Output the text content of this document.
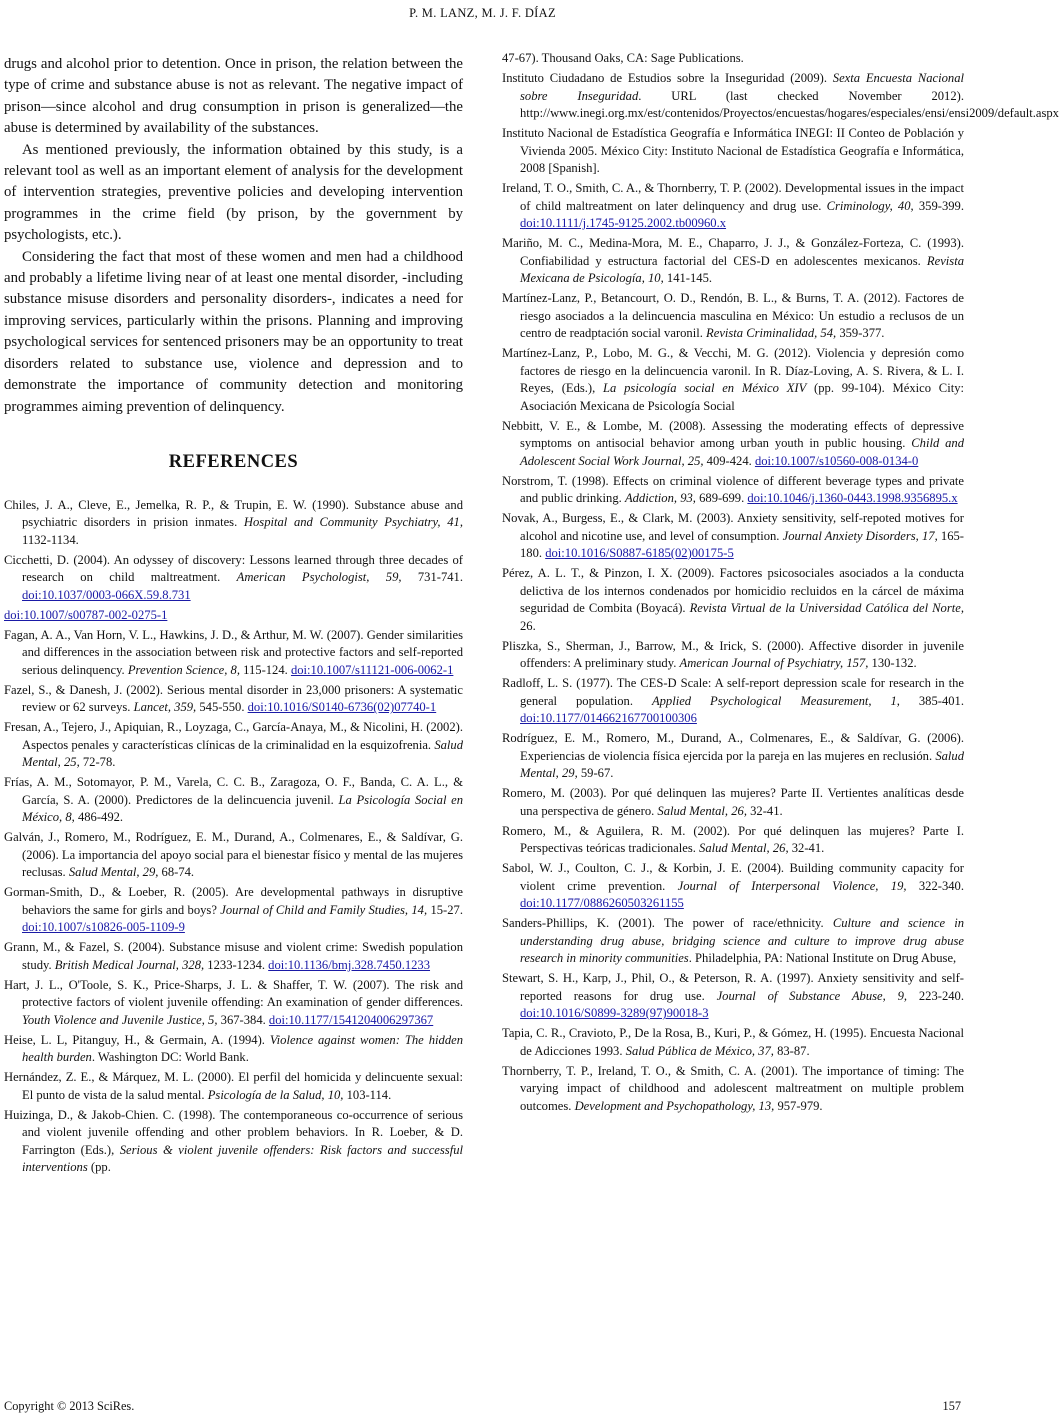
P. M. LANZ, M. J. F. DÍAZ

drugs and alcohol prior to detention. Once in prison, the relation between the type of crime and substance abuse is not as relevant. The negative impact of prison—since alcohol and drug consumption in prison is generalized—the abuse is determined by availability of the substances.

As mentioned previously, the information obtained by this study, is a relevant tool as well as an important element of analysis for the development of intervention strategies, preventive policies and developing intervention programmes in the crime field (by prison, by the government by psychologists, etc.).

Considering the fact that most of these women and men had a childhood and probably a lifetime living near of at least one mental disorder, -including substance misuse disorders and personality disorders-, indicates a need for improving services, particularly within the prisons. Planning and improving psychological services for sentenced prisoners may be an opportunity to treat disorders related to substance use, violence and depression and to demonstrate the importance of community detection and monitoring programmes aiming prevention of delinquency.

REFERENCES

Chiles, J. A., Cleve, E., Jemelka, R. P., & Trupin, E. W. (1990). Substance abuse and psychiatric disorders in prision inmates. Hospital and Community Psychiatry, 41, 1132-1134.

Cicchetti, D. (2004). An odyssey of discovery: Lessons learned through three decades of research on child maltreatment. American Psychologist, 59, 731-741. doi:10.1037/0003-066X.59.8.731

doi:10.1007/s00787-002-0275-1

Fagan, A. A., Van Horn, V. L., Hawkins, J. D., & Arthur, M. W. (2007). Gender similarities and differences in the association between risk and protective factors and self-reported serious delinquency. Prevention Science, 8, 115-124. doi:10.1007/s11121-006-0062-1

Fazel, S., & Danesh, J. (2002). Serious mental disorder in 23,000 prisoners: A systematic review or 62 surveys. Lancet, 359, 545-550. doi:10.1016/S0140-6736(02)07740-1

Fresan, A., Tejero, J., Apiquian, R., Loyzaga, C., García-Anaya, M., & Nicolini, H. (2002). Aspectos penales y características clínicas de la criminalidad en la esquizofrenia. Salud Mental, 25, 72-78.

Frías, A. M., Sotomayor, P. M., Varela, C. C. B., Zaragoza, O. F., Banda, C. A. L., & García, S. A. (2000). Predictores de la delincuencia juvenil. La Psicología Social en México, 8, 486-492.

Galván, J., Romero, M., Rodríguez, E. M., Durand, A., Colmenares, E., & Saldívar, G. (2006). La importancia del apoyo social para el bienestar físico y mental de las mujeres reclusas. Salud Mental, 29, 68-74.

Gorman-Smith, D., & Loeber, R. (2005). Are developmental pathways in disruptive behaviors the same for girls and boys? Journal of Child and Family Studies, 14, 15-27. doi:10.1007/s10826-005-1109-9

Grann, M., & Fazel, S. (2004). Substance misuse and violent crime: Swedish population study. British Medical Journal, 328, 1233-1234. doi:10.1136/bmj.328.7450.1233

Hart, J. L., O'Toole, S. K., Price-Sharps, J. L. & Shaffer, T. W. (2007). The risk and protective factors of violent juvenile offending: An examination of gender differences. Youth Violence and Juvenile Justice, 5, 367-384. doi:10.1177/1541204006297367

Heise, L. L, Pitanguy, H., & Germain, A. (1994). Violence against women: The hidden health burden. Washington DC: World Bank.

Hernández, Z. E., & Márquez, M. L. (2000). El perfil del homicida y delincuente sexual: El punto de vista de la salud mental. Psicología de la Salud, 10, 103-114.

Huizinga, D., & Jakob-Chien. C. (1998). The contemporaneous co-occurrence of serious and violent juvenile offending and other problem behaviors. In R. Loeber, & D. Farrington (Eds.), Serious & violent juvenile offenders: Risk factors and successful interventions (pp.

47-67). Thousand Oaks, CA: Sage Publications.

Instituto Ciudadano de Estudios sobre la Inseguridad (2009). Sexta Encuesta Nacional sobre Inseguridad. URL (last checked November 2012). http://www.inegi.org.mx/est/contenidos/Proyectos/encuestas/hogares/especiales/ensi/ensi2009/default.aspx

Instituto Nacional de Estadística Geografía e Informática INEGI: II Conteo de Población y Vivienda 2005. México City: Instituto Nacional de Estadística Geografía e Informática, 2008 [Spanish].

Ireland, T. O., Smith, C. A., & Thornberry, T. P. (2002). Developmental issues in the impact of child maltreatment on later delinquency and drug use. Criminology, 40, 359-399. doi:10.1111/j.1745-9125.2002.tb00960.x

Mariño, M. C., Medina-Mora, M. E., Chaparro, J. J., & González-Forteza, C. (1993). Confiabilidad y estructura factorial del CES-D en adolescentes mexicanos. Revista Mexicana de Psicología, 10, 141-145.

Martínez-Lanz, P., Betancourt, O. D., Rendón, B. L., & Burns, T. A. (2012). Factores de riesgo asociados a la delincuencia masculina en México: Un estudio a reclusos de un centro de readptación social varonil. Revista Criminalidad, 54, 359-377.

Martínez-Lanz, P., Lobo, M. G., & Vecchi, M. G. (2012). Violencia y depresión como factores de riesgo en la delincuencia varonil. In R. Díaz-Loving, A. S. Rivera, & L. I. Reyes, (Eds.), La psicología social en México XIV (pp. 99-104). México City: Asociación Mexicana de Psicología Social

Nebbitt, V. E., & Lombe, M. (2008). Assessing the moderating effects of depressive symptoms on antisocial behavior among urban youth in public housing. Child and Adolescent Social Work Journal, 25, 409-424. doi:10.1007/s10560-008-0134-0

Norstrom, T. (1998). Effects on criminal violence of different beverage types and private and public drinking. Addiction, 93, 689-699. doi:10.1046/j.1360-0443.1998.9356895.x

Novak, A., Burgess, E., & Clark, M. (2003). Anxiety sensitivity, self-repoted motives for alcohol and nicotine use, and level of consumption. Journal Anxiety Disorders, 17, 165-180. doi:10.1016/S0887-6185(02)00175-5

Pérez, A. L. T., & Pinzon, I. X. (2009). Factores psicosociales asociados a la conducta delictiva de los internos condenados por homicidio recluidos en la cárcel de máxima seguridad de Combita (Boyacá). Revista Virtual de la Universidad Católica del Norte, 26.

Pliszka, S., Sherman, J., Barrow, M., & Irick, S. (2000). Affective disorder in juvenile offenders: A preliminary study. American Journal of Psychiatry, 157, 130-132.

Radloff, L. S. (1977). The CES-D Scale: A self-report depression scale for research in the general population. Applied Psychological Measurement, 1, 385-401. doi:10.1177/014662167700100306

Rodríguez, E. M., Romero, M., Durand, A., Colmenares, E., & Saldívar, G. (2006). Experiencias de violencia física ejercida por la pareja en las mujeres en reclusión. Salud Mental, 29, 59-67.

Romero, M. (2003). Por qué delinquen las mujeres? Parte II. Vertientes analíticas desde una perspectiva de género. Salud Mental, 26, 32-41.

Romero, M., & Aguilera, R. M. (2002). Por qué delinquen las mujeres? Parte I. Perspectivas teóricas tradicionales. Salud Mental, 26, 32-41.

Sabol, W. J., Coulton, C. J., & Korbin, J. E. (2004). Building community capacity for violent crime prevention. Journal of Interpersonal Violence, 19, 322-340. doi:10.1177/0886260503261155

Sanders-Phillips, K. (2001). The power of race/ethnicity. Culture and science in understanding drug abuse, bridging science and culture to improve drug abuse research in minority communities. Philadelphia, PA: National Institute on Drug Abuse,

Stewart, S. H., Karp, J., Phil, O., & Peterson, R. A. (1997). Anxiety sensitivity and self-reported reasons for drug use. Journal of Substance Abuse, 9, 223-240. doi:10.1016/S0899-3289(97)90018-3

Tapia, C. R., Cravioto, P., De la Rosa, B., Kuri, P., & Gómez, H. (1995). Encuesta Nacional de Adicciones 1993. Salud Pública de México, 37, 83-87.

Thornberry, T. P., Ireland, T. O., & Smith, C. A. (2001). The importance of timing: The varying impact of childhood and adolescent maltreatment on multiple problem outcomes. Development and Psychopathology, 13, 957-979.

Copyright © 2013 SciRes.	157
